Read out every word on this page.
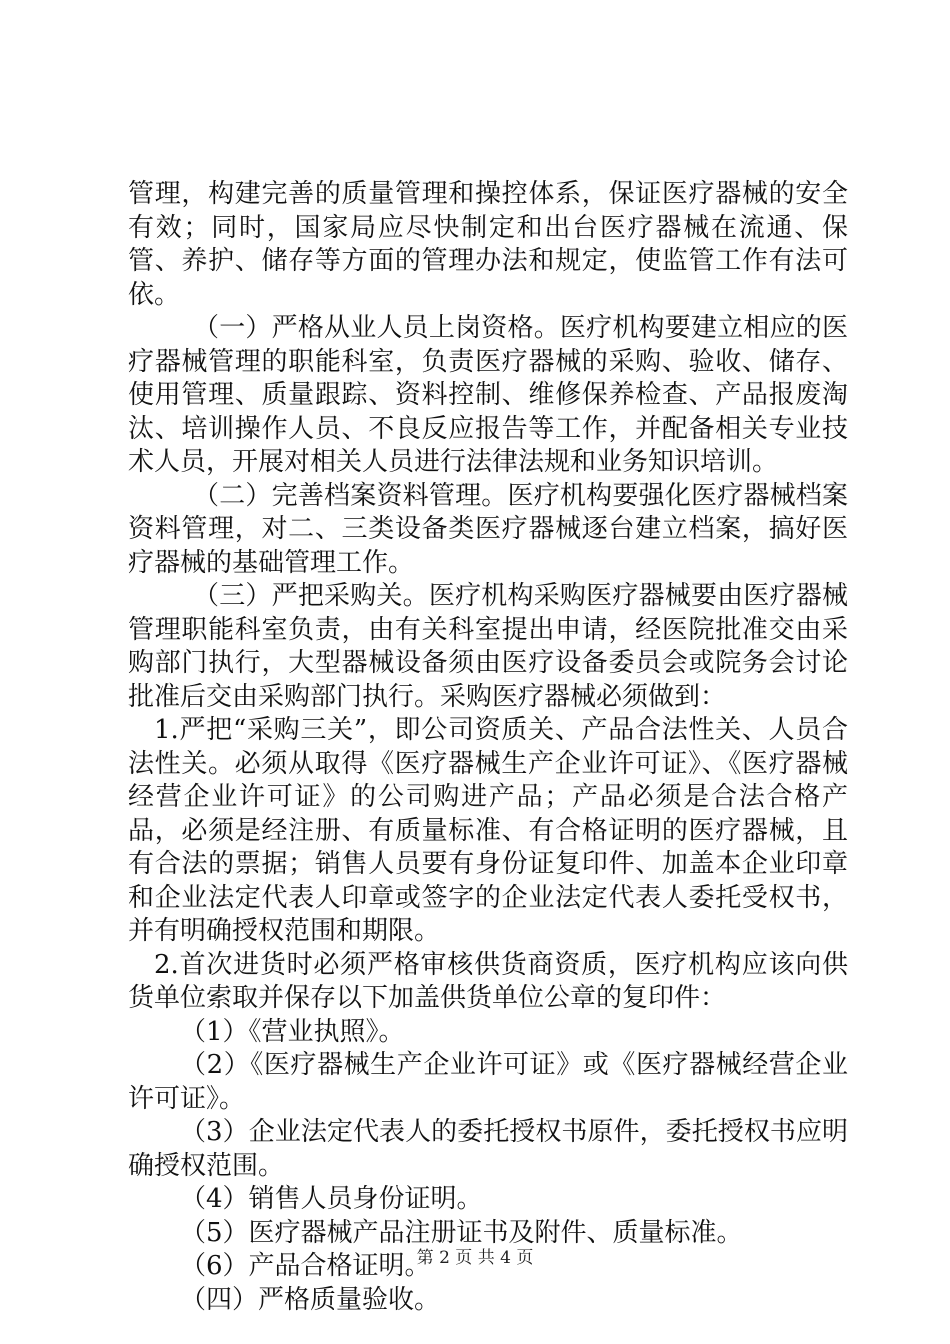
管理，构建完善的质量管理和操控体系，保证医疗器械的安全有效；同时，国家局应尽快制定和出台医疗器械在流通、保管、养护、储存等方面的管理办法和规定，使监管工作有法可依。

（一）严格从业人员上岗资格。医疗机构要建立相应的医疗器械管理的职能科室，负责医疗器械的采购、验收、储存、使用管理、质量跟踪、资料控制、维修保养检查、产品报废淘汰、培训操作人员、不良反应报告等工作，并配备相关专业技术人员，开展对相关人员进行法律法规和业务知识培训。

（二）完善档案资料管理。医疗机构要强化医疗器械档案资料管理，对二、三类设备类医疗器械逐台建立档案，搞好医疗器械的基础管理工作。

（三）严把采购关。医疗机构采购医疗器械要由医疗器械管理职能科室负责，由有关科室提出申请，经医院批准交由采购部门执行，大型器械设备须由医疗设备委员会或院务会讨论批准后交由采购部门执行。采购医疗器械必须做到：

1.严把“采购三关”，即公司资质关、产品合法性关、人员合法性关。必须从取得《医疗器械生产企业许可证》、《医疗器械经营企业许可证》的公司购进产品；产品必须是合法合格产品，必须是经注册、有质量标准、有合格证明的医疗器械，且有合法的票据；销售人员要有身份证复印件、加盖本企业印章和企业法定代表人印章或签字的企业法定代表人委托受权书，并有明确授权范围和期限。

2.首次进货时必须严格审核供货商资质，医疗机构应该向供货单位索取并保存以下加盖供货单位公章的复印件：

（1）《营业执照》。

（2）《医疗器械生产企业许可证》或《医疗器械经营企业许可证》。

（3）企业法定代表人的委托授权书原件，委托授权书应明确授权范围。

（4）销售人员身份证明。

（5）医疗器械产品注册证书及附件、质量标准。

（6）产品合格证明。

（四）严格质量验收。

第 2 页 共 4 页
